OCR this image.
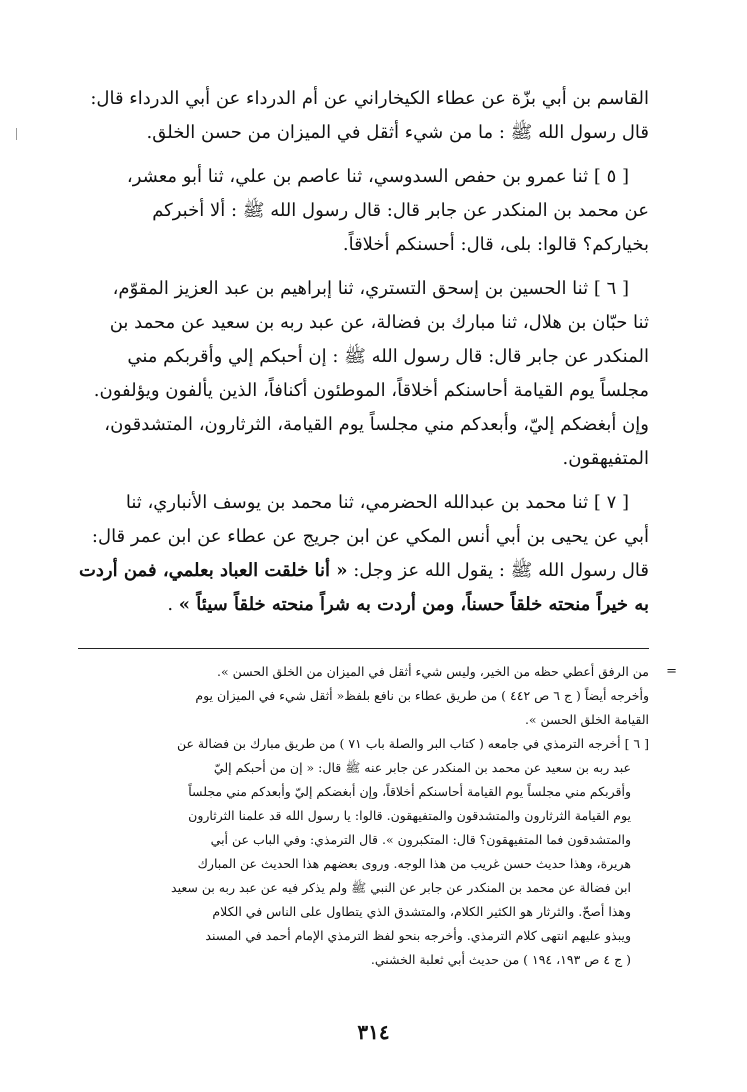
القاسم بن أبي بزّة عن عطاء الكيخاراني عن أم الدرداء عن أبي الدرداء قال:
قال رسول الله ﷺ : ما من شيء أثقل في الميزان من حسن الخلق.

[ ٥ ] ثنا عمرو بن حفص السدوسي، ثنا عاصم بن علي، ثنا أبو معشر،
عن محمد بن المنكدر عن جابر قال: قال رسول الله ﷺ : ألا أخبركم
بخياركم؟ قالوا: بلى، قال: أحسنكم أخلاقاً.

[ ٦ ] ثنا الحسين بن إسحق التستري، ثنا إبراهيم بن عبد العزيز المقوّم،
ثنا حبّان بن هلال، ثنا مبارك بن فضالة، عن عبد ربه بن سعيد عن محمد بن
المنكدر عن جابر قال: قال رسول الله ﷺ : إن أحبكم إلي وأقربكم مني
مجلساً يوم القيامة أحاسنكم أخلاقاً، الموطئون أكنافاً، الذين يألفون ويؤلفون.
وإن أبغضكم إليّ، وأبعدكم مني مجلساً يوم القيامة، الثرثارون، المتشدقون،
المتفيهقون.

[ ٧ ] ثنا محمد بن عبدالله الحضرمي، ثنا محمد بن يوسف الأنباري، ثنا
أبي عن يحيى بن أبي أنس المكي عن ابن جريج عن عطاء عن ابن عمر قال:
قال رسول الله ﷺ : يقول الله عز وجل: « أنا خلقت العباد بعلمي، فمن أردت
به خيراً منحته خلقاً حسناً، ومن أردت به شراً منحته خلقاً سيئاً » .

=
من الرفق أعطي حظه من الخير، وليس شيء أثقل في الميزان من الخلق الحسن ».
وأخرجه أيضاً ( ج ٦ ص ٤٤٢ ) من طريق عطاء بن نافع بلفظ« أثقل شيء في الميزان يوم
القيامة الخلق الحسن ».
[ ٦ ] أخرجه الترمذي في جامعه ( كتاب البر والصلة باب ٧١ ) من طريق مبارك بن فضالة عن
عبد ربه بن سعيد عن محمد بن المنكدر عن جابر عنه ﷺ قال: « إن من أحبكم إليّ
وأقربكم مني مجلساً يوم القيامة أحاسنكم أخلاقاً، وإن أبغضكم إليّ وأبعدكم مني مجلساً
يوم القيامة الثرثارون والمتشدقون والمتفيهقون. قالوا: يا رسول الله قد علمنا الثرثارون
والمتشدقون فما المتفيهقون؟ قال: المتكبرون ». قال الترمذي: وفي الباب عن أبي
هريرة، وهذا حديث حسن غريب من هذا الوجه. وروى بعضهم هذا الحديث عن المبارك
ابن فضالة عن محمد بن المنكدر عن جابر عن النبي ﷺ ولم يذكر فيه عن عبد ربه بن سعيد
وهذا أصحّ. والثرثار هو الكثير الكلام، والمتشدق الذي يتطاول على الناس في الكلام
ويبذو عليهم انتهى كلام الترمذي. وأخرجه بنحو لفظ الترمذي الإمام أحمد في المسند
( ج ٤ ص ١٩٣، ١٩٤ ) من حديث أبي ثعلبة الخشني.
٣١٤
